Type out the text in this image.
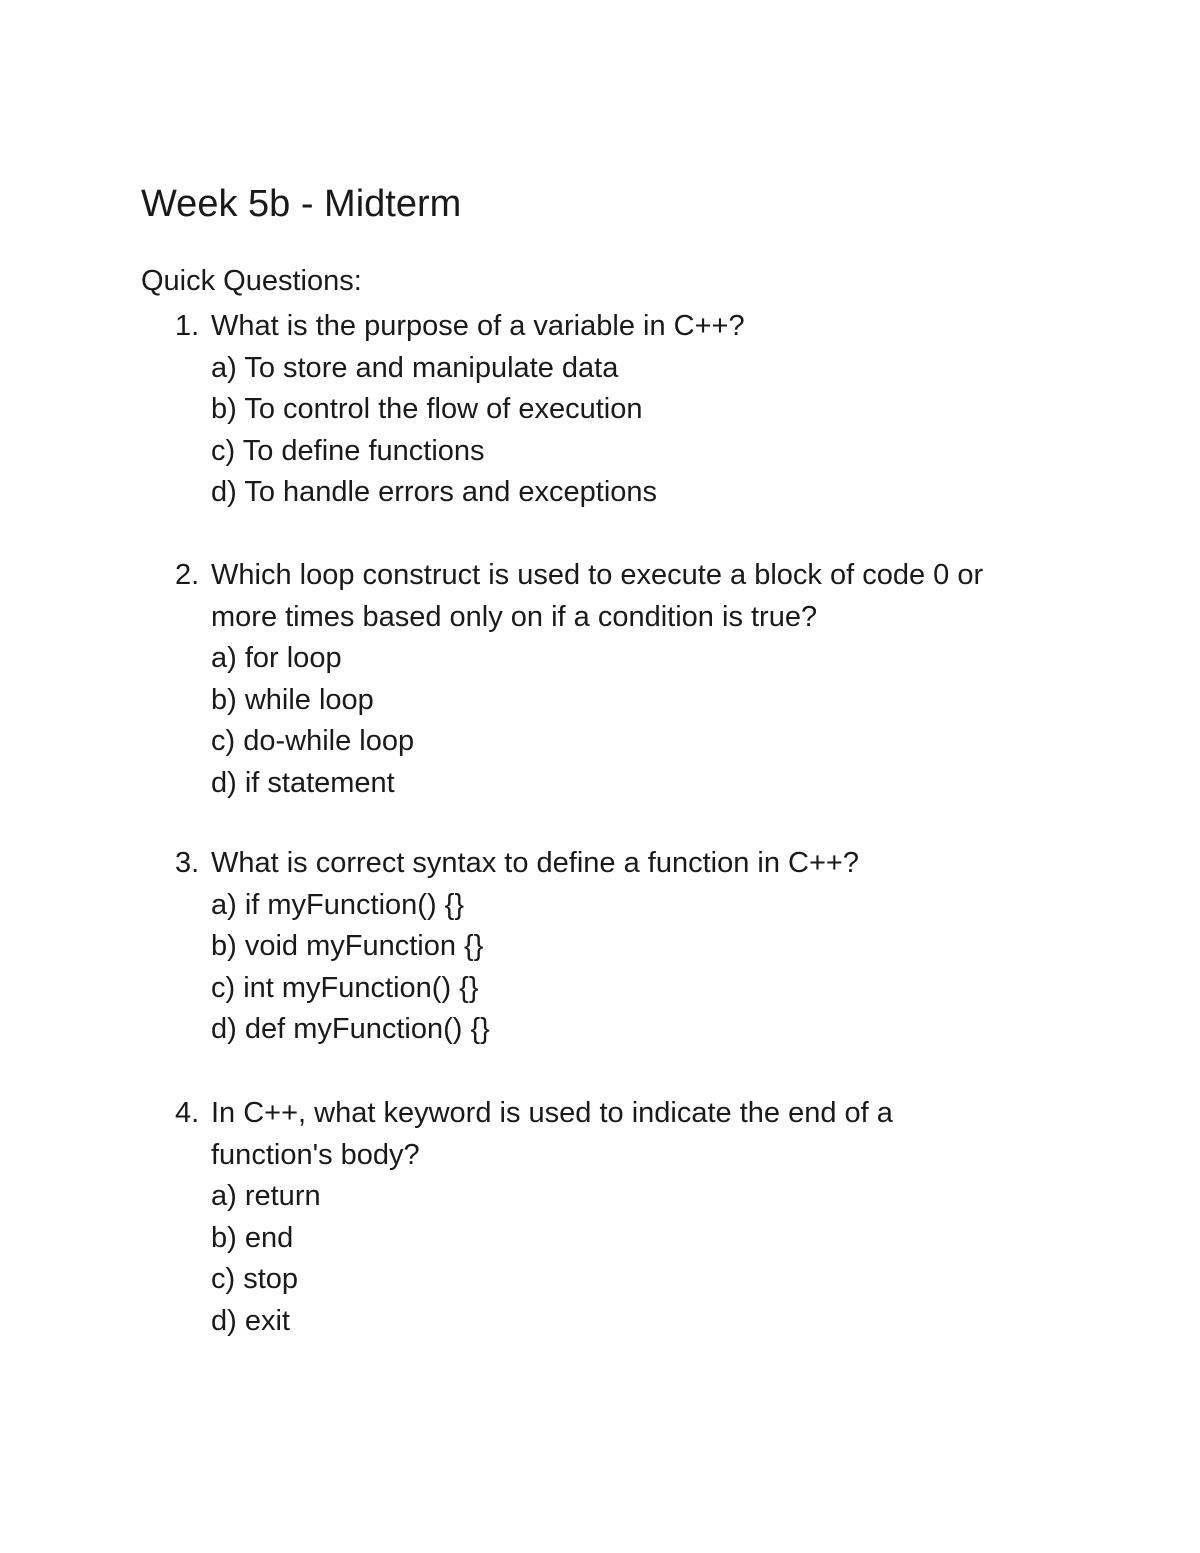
Week 5b - Midterm

Quick Questions:

1. What is the purpose of a variable in C++?
a) To store and manipulate data
b) To control the flow of execution
c) To define functions
d) To handle errors and exceptions
2. Which loop construct is used to execute a block of code 0 or
more times based only on if a condition is true?
a) for loop
b) while loop
c) do-while loop
d) if statement
3. What is correct syntax to define a function in C++?
a) if myFunction() {}
b) void myFunction {}
c) int myFunction() {}
d) def myFunction() {}
4. In C++, what keyword is used to indicate the end of a
function's body?
a) return
b) end
c) stop
d) exit
